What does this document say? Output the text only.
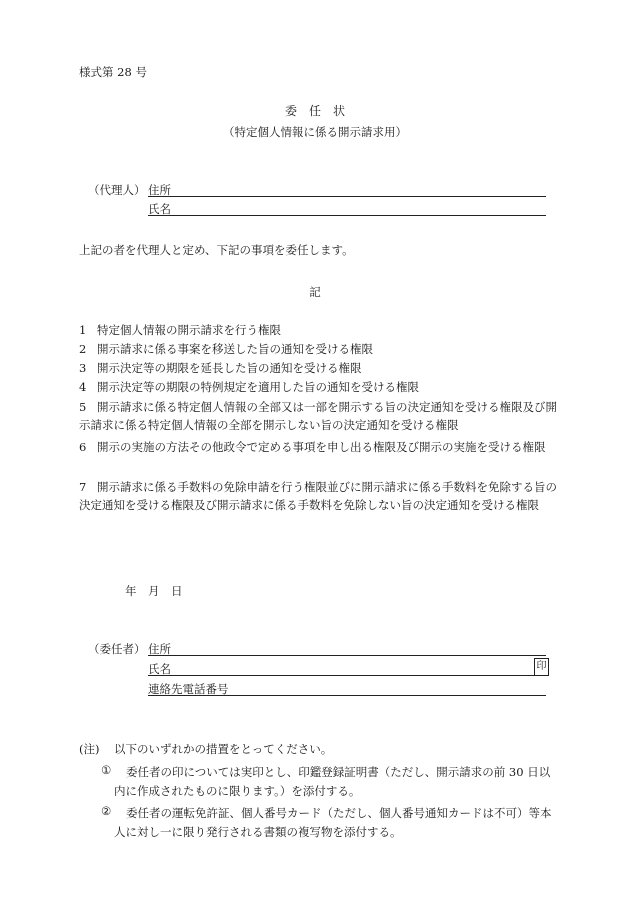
様式第 28 号
委　任　状
（特定個人情報に係る開示請求用）
（代理人） 住所
氏名
上記の者を代理人と定め、下記の事項を委任します。
記
1 特定個人情報の開示請求を行う権限
2 開示請求に係る事案を移送した旨の通知を受ける権限
3 開示決定等の期限を延長した旨の通知を受ける権限
4 開示決定等の期限の特例規定を適用した旨の通知を受ける権限
5 開示請求に係る特定個人情報の全部又は一部を開示する旨の決定通知を受ける権限及び開示請求に係る特定個人情報の全部を開示しない旨の決定通知を受ける権限
6 開示の実施の方法その他政令で定める事項を申し出る権限及び開示の実施を受ける権限
7 開示請求に係る手数料の免除申請を行う権限並びに開示請求に係る手数料を免除する旨の決定通知を受ける権限及び開示請求に係る手数料を免除しない旨の決定通知を受ける権限
年　月　日
（委任者） 住所
氏名	印
連絡先電話番号
(注) 以下のいずれかの措置をとってください。
①	委任者の印については実印とし、印鑑登録証明書（ただし、開示請求の前 30 日以内に作成されたものに限ります。）を添付する。
②	委任者の運転免許証、個人番号カード（ただし、個人番号通知カードは不可）等本人に対し一に限り発行される書類の複写物を添付する。
